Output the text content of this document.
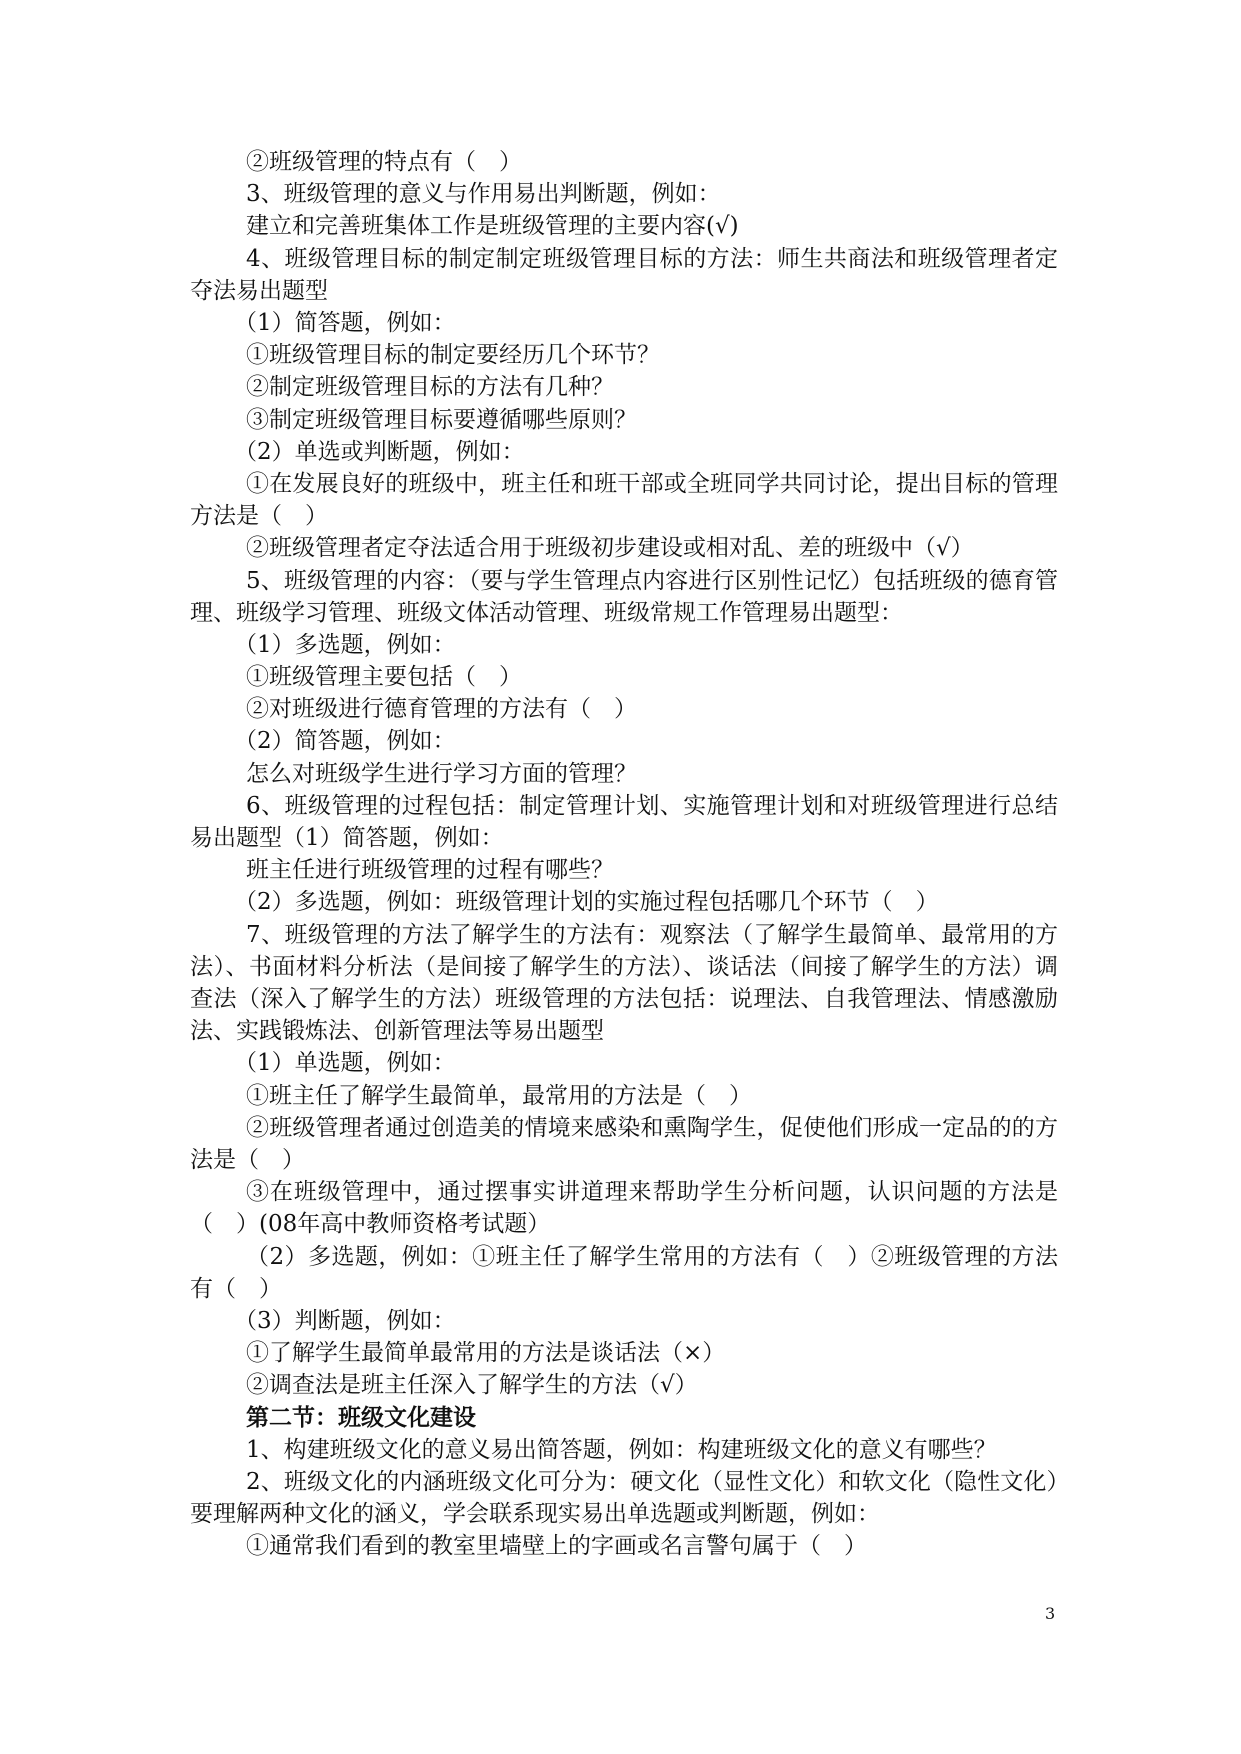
②班级管理的特点有（　）
3、班级管理的意义与作用易出判断题，例如：
建立和完善班集体工作是班级管理的主要内容(√)
4、班级管理目标的制定制定班级管理目标的方法：师生共商法和班级管理者定夺法易出题型
（1）简答题，例如：
①班级管理目标的制定要经历几个环节？
②制定班级管理目标的方法有几种？
③制定班级管理目标要遵循哪些原则？
（2）单选或判断题，例如：
①在发展良好的班级中，班主任和班干部或全班同学共同讨论，提出目标的管理方法是（　）
②班级管理者定夺法适合用于班级初步建设或相对乱、差的班级中（√）
5、班级管理的内容：（要与学生管理点内容进行区别性记忆）包括班级的德育管理、班级学习管理、班级文体活动管理、班级常规工作管理易出题型：
（1）多选题，例如：
①班级管理主要包括（　）
②对班级进行德育管理的方法有（　）
（2）简答题，例如：
怎么对班级学生进行学习方面的管理？
6、班级管理的过程包括：制定管理计划、实施管理计划和对班级管理进行总结易出题型（1）简答题，例如：
班主任进行班级管理的过程有哪些？
（2）多选题，例如：班级管理计划的实施过程包括哪几个环节（　）
7、班级管理的方法了解学生的方法有：观察法（了解学生最简单、最常用的方法）、书面材料分析法（是间接了解学生的方法）、谈话法（间接了解学生的方法）调查法（深入了解学生的方法）班级管理的方法包括：说理法、自我管理法、情感激励法、实践锻炼法、创新管理法等易出题型
（1）单选题，例如：
①班主任了解学生最简单，最常用的方法是（　）
②班级管理者通过创造美的情境来感染和熏陶学生，促使他们形成一定品的的方法是（　）
③在班级管理中，通过摆事实讲道理来帮助学生分析问题，认识问题的方法是（　）(08年高中教师资格考试题）
（2）多选题，例如：①班主任了解学生常用的方法有（　）②班级管理的方法有（　）
（3）判断题，例如：
①了解学生最简单最常用的方法是谈话法（×）
②调查法是班主任深入了解学生的方法（√）
第二节：班级文化建设
1、构建班级文化的意义易出简答题，例如：构建班级文化的意义有哪些？
2、班级文化的内涵班级文化可分为：硬文化（显性文化）和软文化（隐性文化）要理解两种文化的涵义，学会联系现实易出单选题或判断题，例如：
①通常我们看到的教室里墙壁上的字画或名言警句属于（　）
3
